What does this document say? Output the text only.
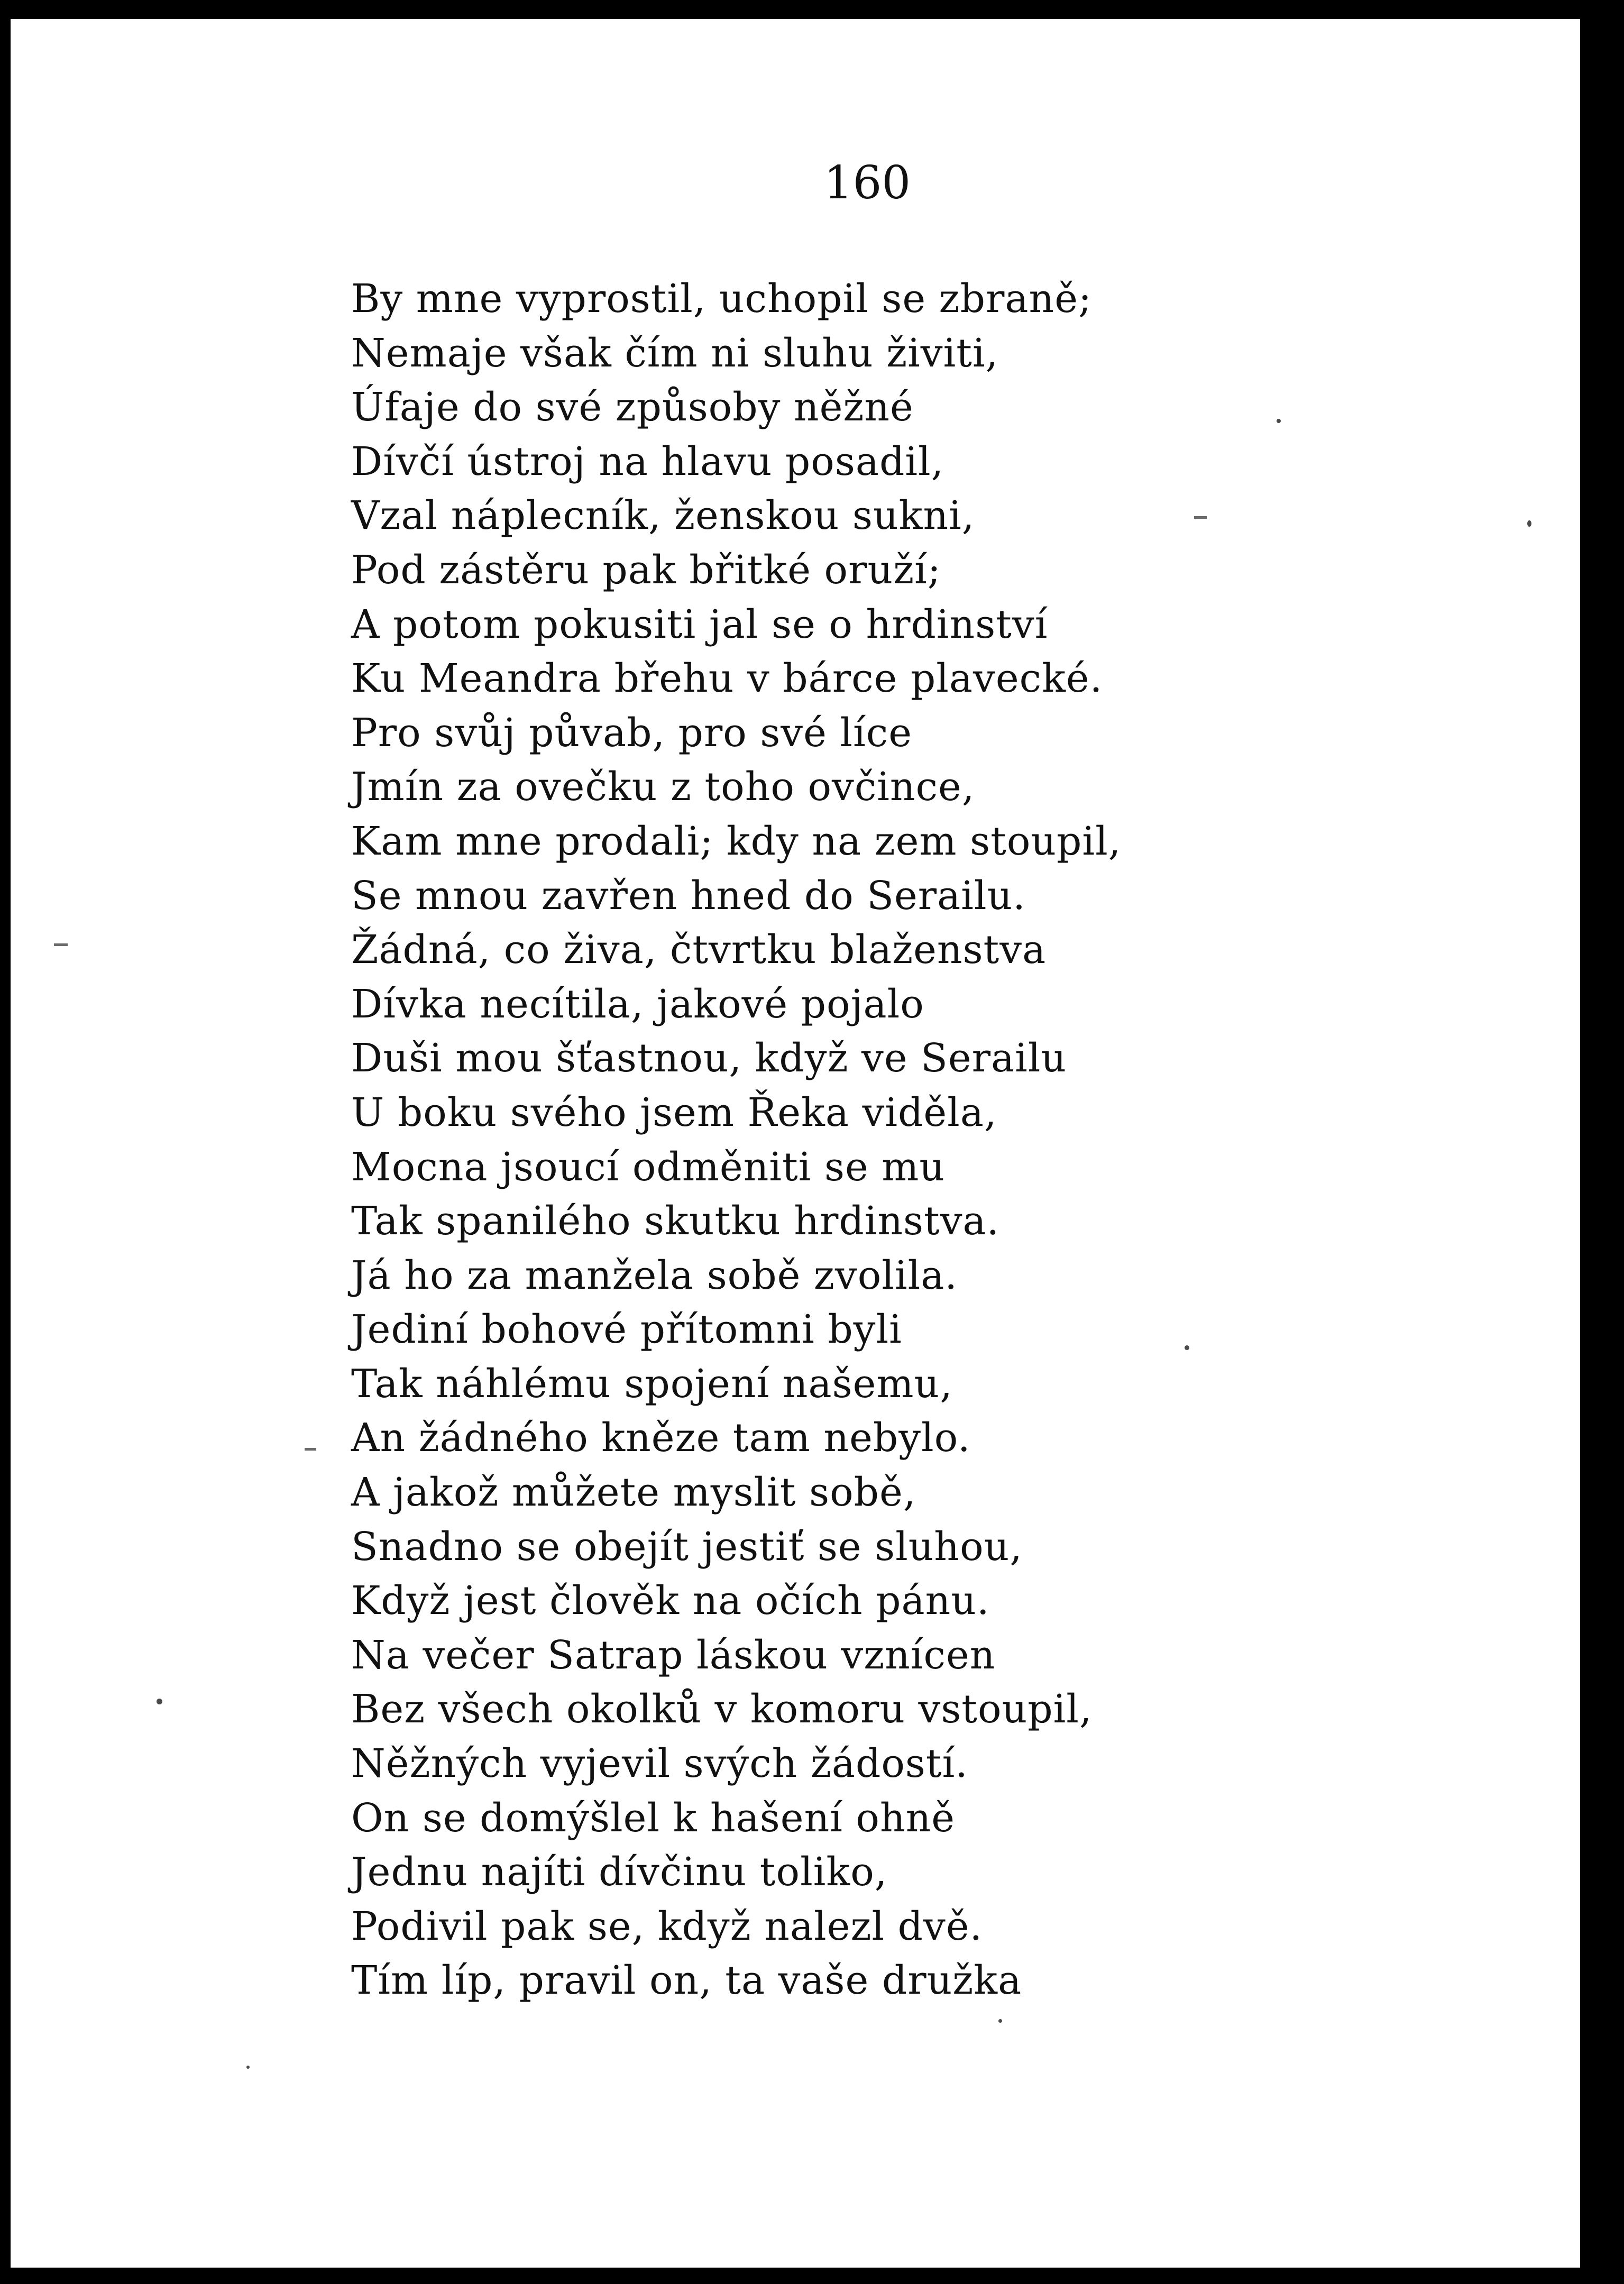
160
By mne vyprostil, uchopil se zbraně;
Nemaje však čím ni sluhu živiti,
Úfaje do své způsoby něžné
Dívčí ústroj na hlavu posadil,
Vzal náplecník, ženskou sukni,
Pod zástěru pak břitké oruží;
A potom pokusiti jal se o hrdinství
Ku Meandra břehu v bárce plavecké.
Pro svůj půvab, pro své líce
Jmín za ovečku z toho ovčince,
Kam mne prodali; kdy na zem stoupil,
Se mnou zavřen hned do Serailu.
Žádná, co živa, čtvrtku blaženstva
Dívka necítila, jakové pojalo
Duši mou šťastnou, když ve Serailu
U boku svého jsem Řeka viděla,
Mocna jsoucí odměniti se mu
Tak spanilého skutku hrdinstva.
Já ho za manžela sobě zvolila.
Jediní bohové přítomni byli
Tak náhlému spojení našemu,
An žádného kněze tam nebylo.
A jakož můžete myslit sobě,
Snadno se obejít jestiť se sluhou,
Když jest člověk na očích pánu.
Na večer Satrap láskou vznícen
Bez všech okolků v komoru vstoupil,
Něžných vyjevil svých žádostí.
On se domýšlel k hašení ohně
Jednu najíti dívčinu toliko,
Podivil pak se, když nalezl dvě.
Tím líp, pravil on, ta vaše družka
